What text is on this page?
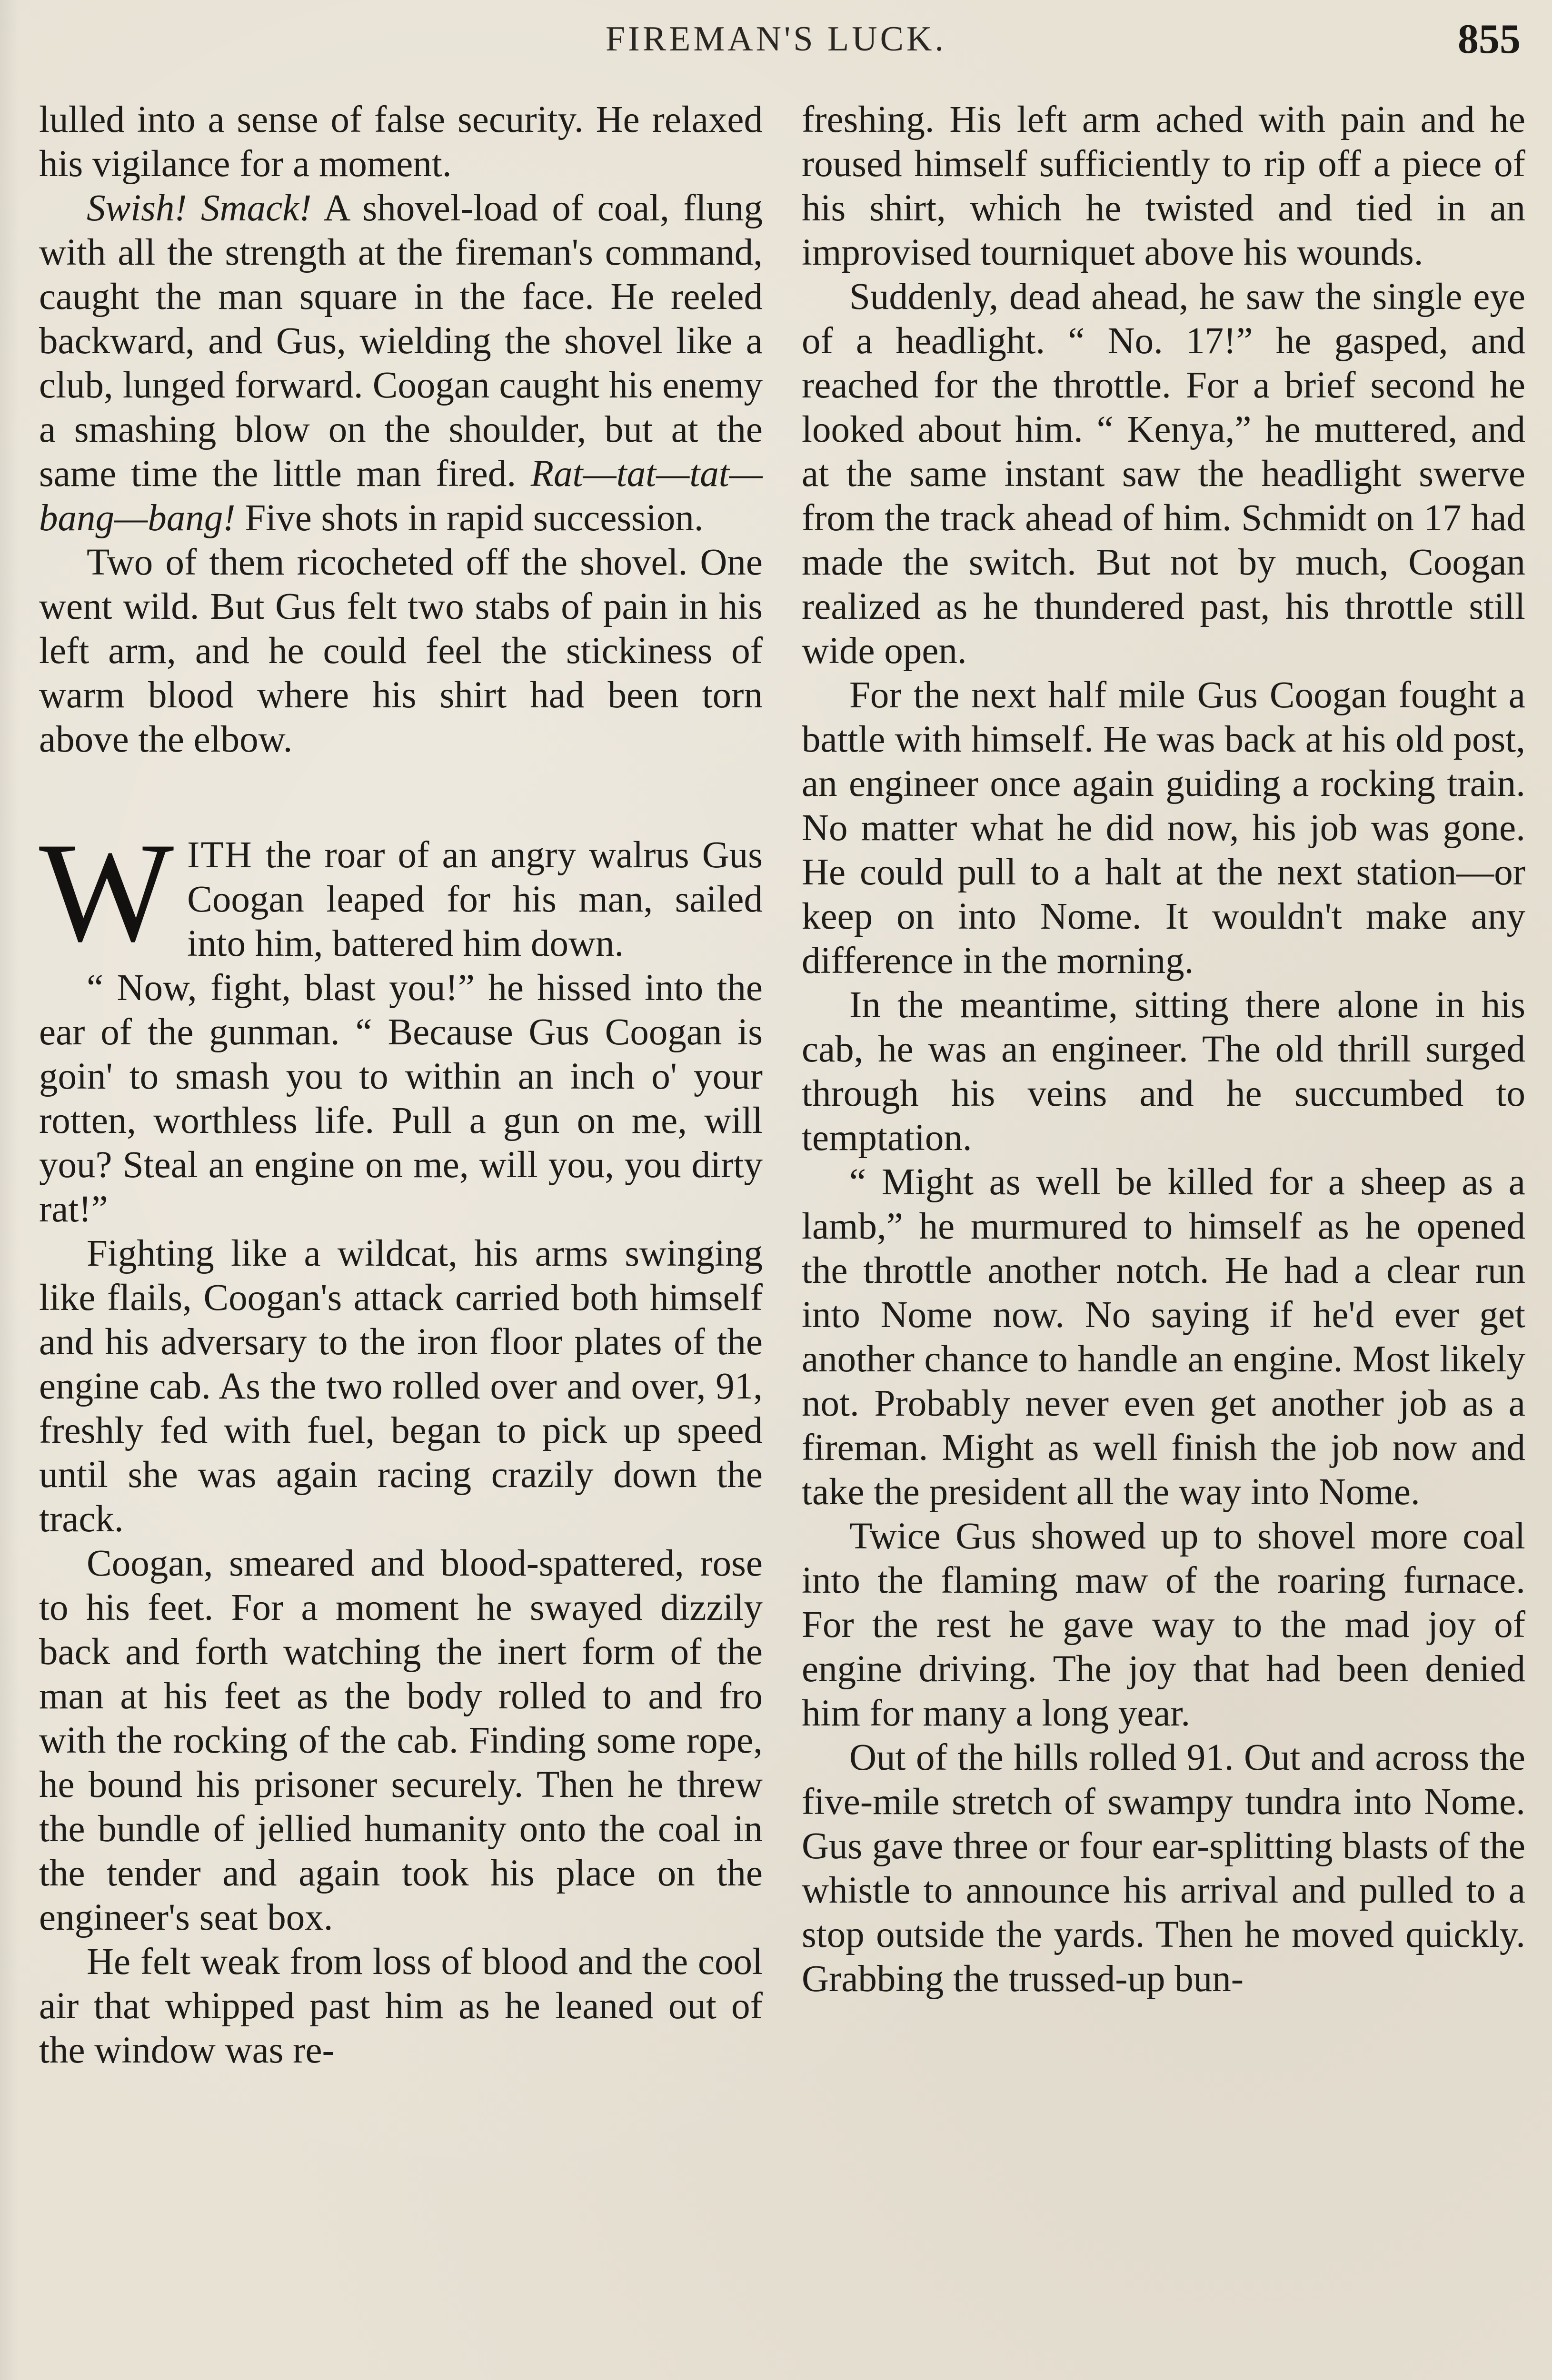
FIREMAN'S LUCK.	855

lulled into a sense of false security. He relaxed his vigilance for a moment.

Swish! Smack! A shovel-load of coal, flung with all the strength at the fireman's command, caught the man square in the face. He reeled backward, and Gus, wielding the shovel like a club, lunged forward. Coogan caught his enemy a smashing blow on the shoulder, but at the same time the little man fired. Rat—tat—tat—bang—bang! Five shots in rapid succession.

Two of them ricocheted off the shovel. One went wild. But Gus felt two stabs of pain in his left arm, and he could feel the stickiness of warm blood where his shirt had been torn above the elbow.

WITH the roar of an angry walrus Gus Coogan leaped for his man, sailed into him, battered him down.

“ Now, fight, blast you!” he hissed into the ear of the gunman. “ Because Gus Coogan is goin' to smash you to within an inch o' your rotten, worthless life. Pull a gun on me, will you? Steal an engine on me, will you, you dirty rat!”

Fighting like a wildcat, his arms swinging like flails, Coogan's attack carried both himself and his adversary to the iron floor plates of the engine cab. As the two rolled over and over, 91, freshly fed with fuel, began to pick up speed until she was again racing crazily down the track.

Coogan, smeared and blood-spattered, rose to his feet. For a moment he swayed dizzily back and forth watching the inert form of the man at his feet as the body rolled to and fro with the rocking of the cab. Finding some rope, he bound his prisoner securely. Then he threw the bundle of jellied humanity onto the coal in the tender and again took his place on the engineer's seat box.

He felt weak from loss of blood and the cool air that whipped past him as he leaned out of the window was re-

freshing. His left arm ached with pain and he roused himself sufficiently to rip off a piece of his shirt, which he twisted and tied in an improvised tourniquet above his wounds.

Suddenly, dead ahead, he saw the single eye of a headlight. “ No. 17!” he gasped, and reached for the throttle. For a brief second he looked about him. “ Kenya,” he muttered, and at the same instant saw the headlight swerve from the track ahead of him. Schmidt on 17 had made the switch. But not by much, Coogan realized as he thundered past, his throttle still wide open.

For the next half mile Gus Coogan fought a battle with himself. He was back at his old post, an engineer once again guiding a rocking train. No matter what he did now, his job was gone. He could pull to a halt at the next station—or keep on into Nome. It wouldn't make any difference in the morning.

In the meantime, sitting there alone in his cab, he was an engineer. The old thrill surged through his veins and he succumbed to temptation.

“ Might as well be killed for a sheep as a lamb,” he murmured to himself as he opened the throttle another notch. He had a clear run into Nome now. No saying if he'd ever get another chance to handle an engine. Most likely not. Probably never even get another job as a fireman. Might as well finish the job now and take the president all the way into Nome.

Twice Gus showed up to shovel more coal into the flaming maw of the roaring furnace. For the rest he gave way to the mad joy of engine driving. The joy that had been denied him for many a long year.

Out of the hills rolled 91. Out and across the five-mile stretch of swampy tundra into Nome. Gus gave three or four ear-splitting blasts of the whistle to announce his arrival and pulled to a stop outside the yards. Then he moved quickly. Grabbing the trussed-up bun-
